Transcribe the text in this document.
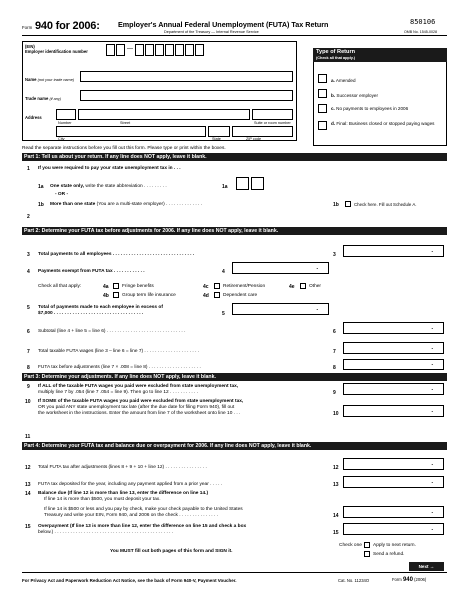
Form 940 for 2006:	Employer's Annual Federal Unemployment (FUTA) Tax Return
Department of the Treasury — Internal Revenue Service
850106
OMB No. 1545-0028
(EIN)
Employer identification number	—
Name (not your trade name)
Trade name (if any)
Address
Number	Street	Suite or room number
City	State	ZIP code
Type of Return
(Check all that apply.)
a. Amended
b. Successor employer
c. No payments to employees in 2006
d. Final: Business closed or stopped paying wages
Read the separate instructions before you fill out this form. Please type or print within the boxes.
Part 1: Tell us about your return. If any line does NOT apply, leave it blank.
1 If you were required to pay your state unemployment tax in . . .
1a One state only, write the state abbreviation . . . . . . . . .	1a
- OR -
1b More than one state (You are a multi-state employer) . . . . . . . . . . . . . .	1b	Check here. Fill out Schedule A.
2
Part 2: Determine your FUTA tax before adjustments for 2006. If any line does NOT apply, leave it blank.
3 Total payments to all employees . . . . . . . . . . . . . . . . . . . . . . . . . . . . . . .	3
.
4 Payments exempt from FUTA tax . . . . . . . . . . . .	4
.
Check all that apply:	4a	Fringe benefits
4b	Group term life insurance
4c	Retirement/Pension
4d	Dependent care
4e	Other
5 Total of payments made to each employee in excess of
$7,000 . . . . . . . . . . . . . . . . . . . . . . . . . . . . . . . . . .	5
.
6 Subtotal (line 4 + line 5 = line 6) . . . . . . . . . . . . . . . . . . . . . . . . . . . . . .	6
.
7 Total taxable FUTA wages (line 3 – line 6 = line 7) . . . . . . . . . . . . . . . . . . . . .	7
.
8 FUTA tax before adjustments (line 7 × .008 = line 8) . . . . . . . . . . . . . . . . . . . .	8
.
Part 3: Determine your adjustments. If any line does NOT apply, leave it blank.
9 If ALL of the taxable FUTA wages you paid were excluded from state unemployment tax,
multiply line 7 by .054 (line 7 .054 = line 9). Then go to line 12 . . . . . . . . . . .	9
.
10 If SOME of the taxable FUTA wages you paid were excluded from state unemployment tax,
OR you paid ANY state unemployment tax late (after the due date for filing Form 940), fill out
the worksheet in the instructions. Enter the amount from line 7 of the worksheet onto line 10 . . .	10
.
11
Part 4: Determine your FUTA tax and balance due or overpayment for 2006. If any line does NOT apply, leave it blank.
12 Total FUTA tax after adjustments (lines 8 + 9 + 10 + line 12) . . . . . . . . . . . . . . . .	12
.
13 FUTA tax deposited for the year, including any payment applied from a prior year . . . . .	13
.
14 Balance due (If line 12 is more than line 13, enter the difference on line 14.)
If line 14 is more than $500, you must deposit your tax.
If line 14 is $500 or less and you pay by check, make your check payable to the United States
Treasury and write your EIN, Form 940, and 2006 on the check . . . . . . . . . . . . . . .	14
.
15 Overpayment (If line 13 is more than line 12, enter the difference on line 15 and check a box
below.) . . . . . . . . . . . . . . . . . . . . . . . . . . . . . . . . . . . . . . . . . . . . .	15
.
Check one Apply to next return.
Send a refund.
You MUST fill out both pages of this form and SIGN it.
Next →
For Privacy Act and Paperwork Reduction Act Notice, see the back of Form 940-V, Payment Voucher.	Cat. No. 11234O	Form 940 (2006)
